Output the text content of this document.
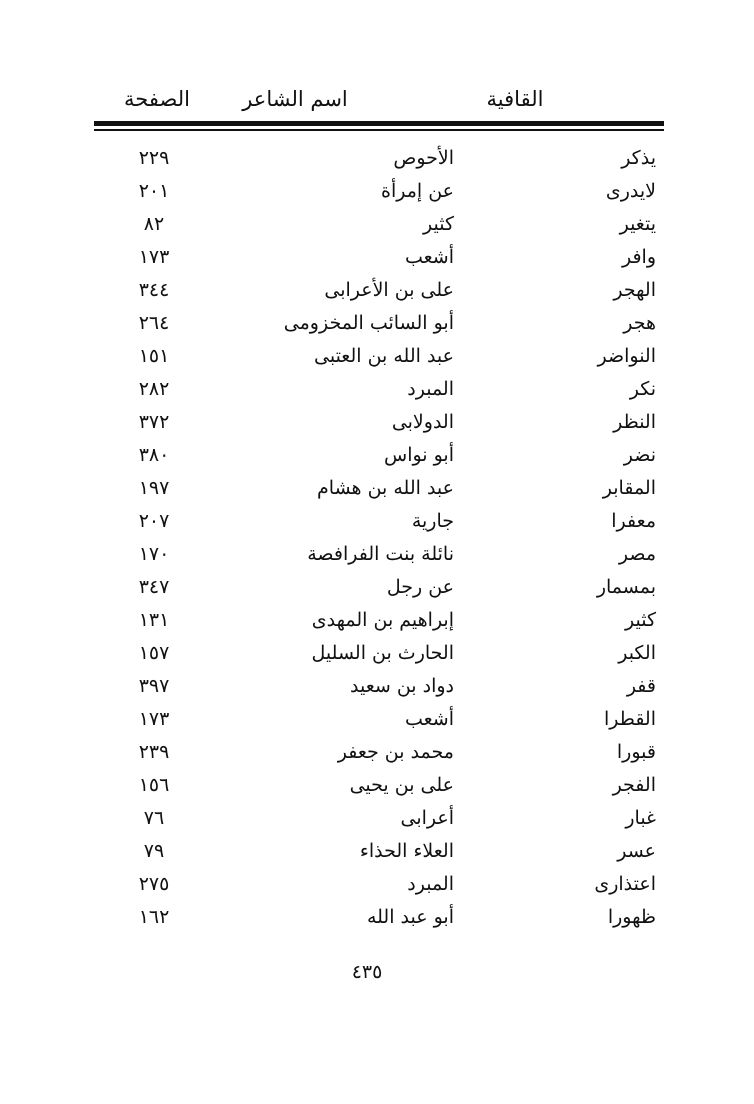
القافية
اسم الشاعر
الصفحة
يذكر
الأحوص
٢٢٩
لايدرى
عن إمرأة
٢٠١
يتغير
كثير
٨٢
وافر
أشعب
١٧٣
الهجر
على بن الأعرابى
٣٤٤
هجر
أبو السائب المخزومى
٢٦٤
النواضر
عبد الله بن العتبى
١٥١
نكر
المبرد
٢٨٢
النظر
الدولابى
٣٧٢
نضر
أبو نواس
٣٨٠
المقابر
عبد الله بن هشام
١٩٧
معفرا
جارية
٢٠٧
مصر
نائلة بنت الفرافصة
١٧٠
بمسمار
عن رجل
٣٤٧
كثير
إبراهيم بن المهدى
١٣١
الكبر
الحارث بن السليل
١٥٧
قفر
دواد بن سعيد
٣٩٧
القطرا
أشعب
١٧٣
قبورا
محمد بن جعفر
٢٣٩
الفجر
على بن يحيى
١٥٦
غبار
أعرابى
٧٦
عسر
العلاء الحذاء
٧٩
اعتذارى
المبرد
٢٧٥
ظهورا
أبو عبد الله
١٦٢
٤٣٥
